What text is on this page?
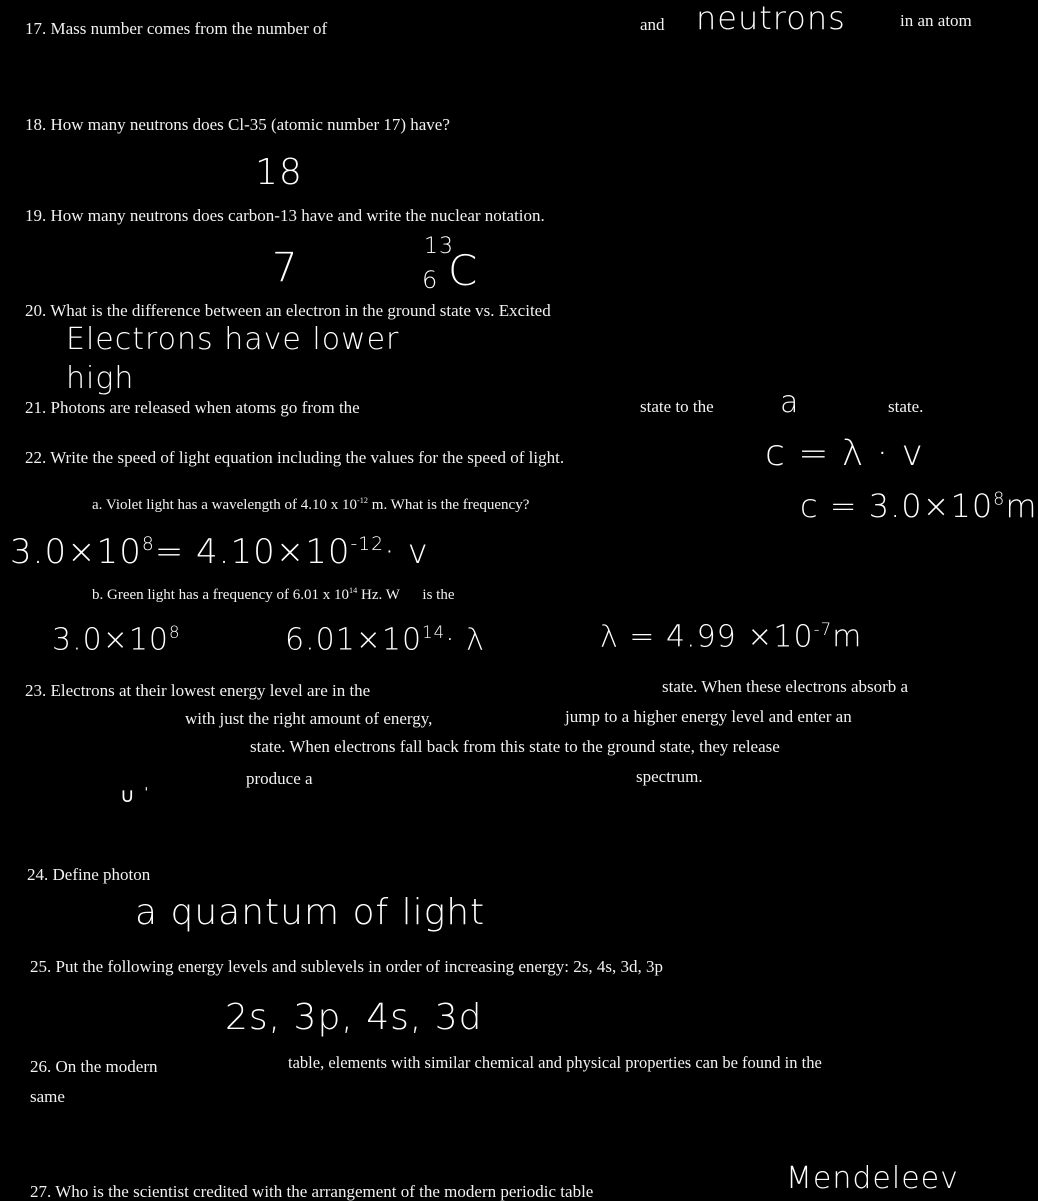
17. Mass number comes from the number of	and neutrons	in an atom
18. How many neutrons does Cl-35 (atomic number 17) have?
18
19. How many neutrons does carbon-13 have and write the nuclear notation.
7	13
6 C
20. What is the difference between an electron in the ground state vs. Excited
Electrons have lower
high
21. Photons are released when atoms go from the	state to the a	state.
22. Write the speed of light equation including the values for the speed of light.	c = λ · v
a. Violet light has a wavelength of 4.10 x $10^{-12}$ m. What is the frequency?	$c = 3.0\times 10^8m$
$3.0\times 10^8= 4.10\times 10^{-12}\cdot v$
b. Green light has a frequency of 6.01 x $10^{14}$ Hz. W is the
$3.0\times 10^8$	$6.01\times 10^{14}\cdot \lambda$	$\lambda = 4.99 \times 10^{-7}m$
23. Electrons at their lowest energy level are in the	state. When these electrons absorb a
with just the right amount of energy,	jump to a higher energy level and enter an
state. When electrons fall back from this state to the ground state, they release
produce a	spectrum.
∪ ˈ
24. Define photon
a quantum of light
25. Put the following energy levels and sublevels in order of increasing energy: 2s, 4s, 3d, 3p
2s, 3p, 4s, 3d
26. On the modern	table, elements with similar chemical and physical properties can be found in the
same
27. Who is the scientist credited with the arrangement of the modern periodic table	Mendeleev
